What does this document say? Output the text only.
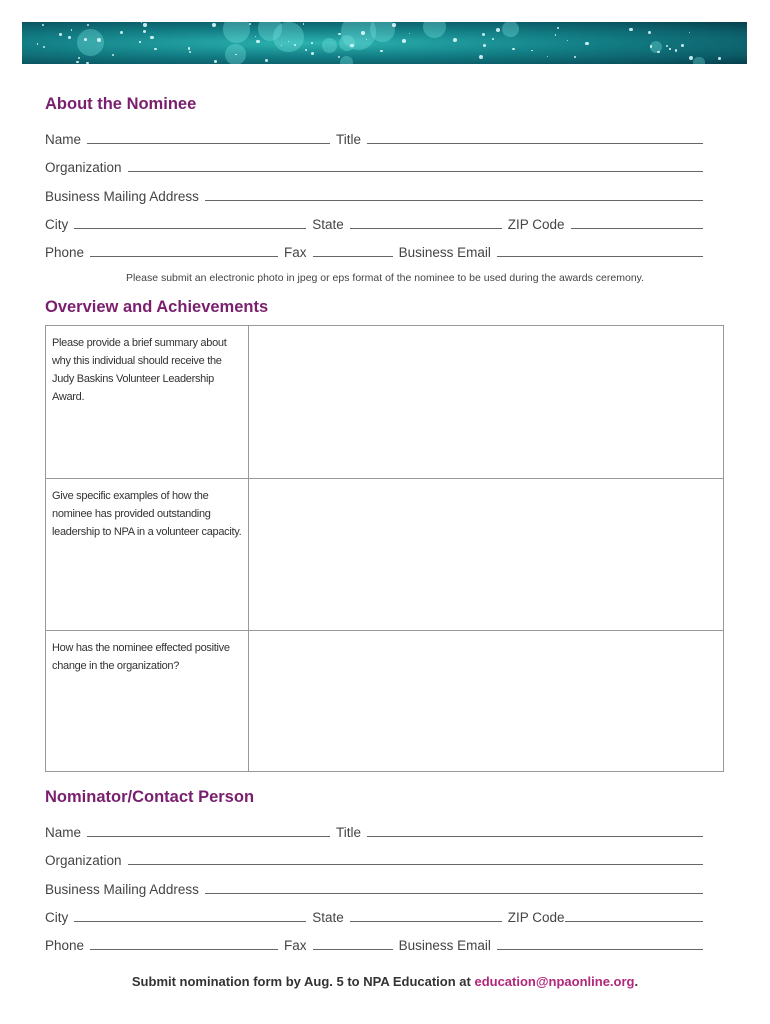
About the Nominee
Name	Title
Organization
Business Mailing Address
City	State	ZIP Code
Phone	Fax	Business Email
Please submit an electronic photo in jpeg or eps format of the nominee to be used during the awards ceremony.
Overview and Achievements
Please provide a brief summary about why this individual should receive the Judy Baskins Volunteer Leadership Award.
Give specific examples of how the nominee has provided outstanding leadership to NPA in a volunteer capacity.
How has the nominee effected positive change in the organization?
Nominator/Contact Person
Name	Title
Organization
Business Mailing Address
City	State	ZIP Code
Phone	Fax	Business Email
Submit nomination form by Aug. 5 to NPA Education at education@npaonline.org.
